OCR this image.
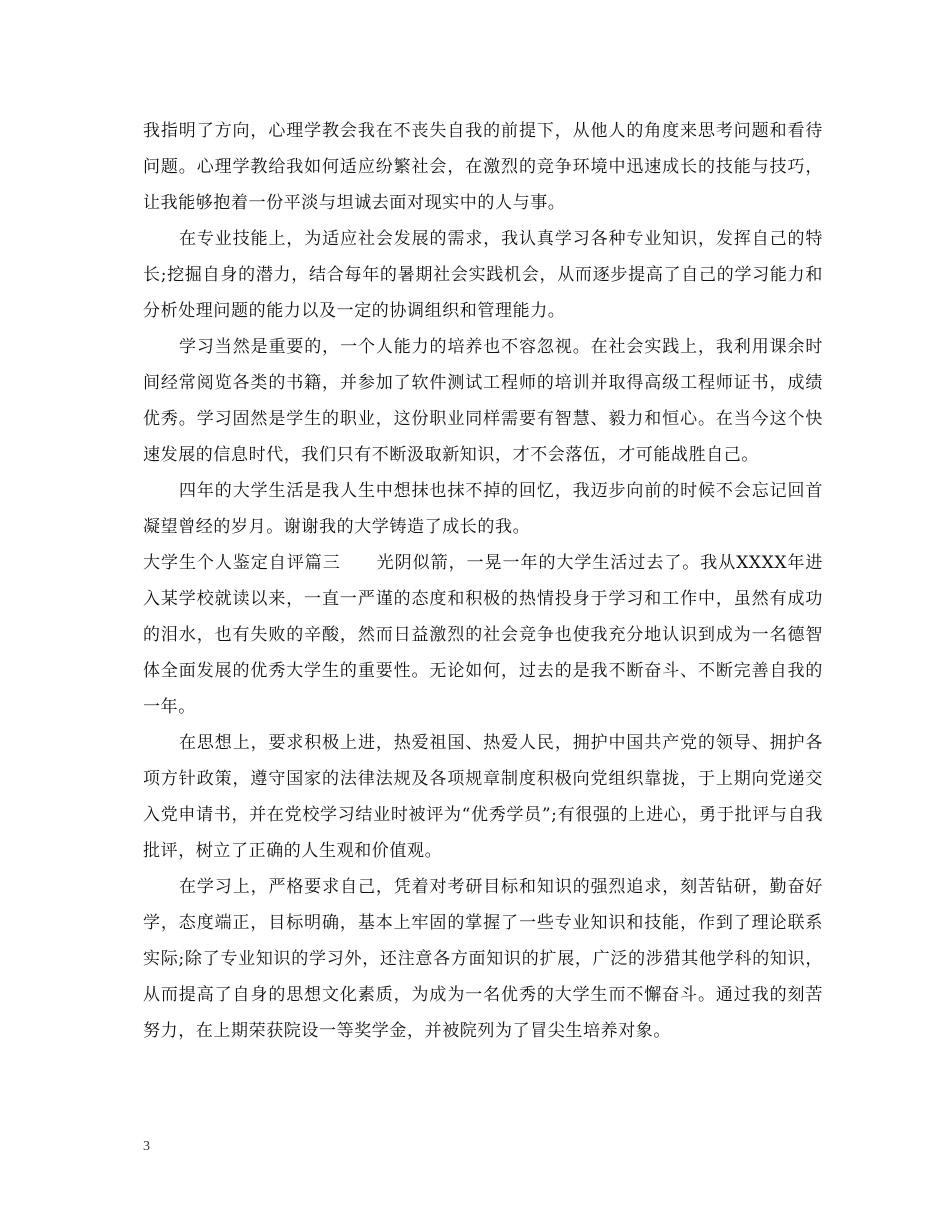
我指明了方向，心理学教会我在不丧失自我的前提下，从他人的角度来思考问题和看待问题。心理学教给我如何适应纷繁社会，在激烈的竞争环境中迅速成长的技能与技巧，让我能够抱着一份平淡与坦诚去面对现实中的人与事。

在专业技能上，为适应社会发展的需求，我认真学习各种专业知识，发挥自己的特长;挖掘自身的潜力，结合每年的暑期社会实践机会，从而逐步提高了自己的学习能力和分析处理问题的能力以及一定的协调组织和管理能力。

学习当然是重要的，一个人能力的培养也不容忽视。在社会实践上，我利用课余时间经常阅览各类的书籍，并参加了软件测试工程师的培训并取得高级工程师证书，成绩优秀。学习固然是学生的职业，这份职业同样需要有智慧、毅力和恒心。在当今这个快速发展的信息时代，我们只有不断汲取新知识，才不会落伍，才可能战胜自己。

四年的大学生活是我人生中想抹也抹不掉的回忆，我迈步向前的时候不会忘记回首凝望曾经的岁月。谢谢我的大学铸造了成长的我。

大学生个人鉴定自评篇三　　光阴似箭，一晃一年的大学生活过去了。我从XXXX年进入某学校就读以来，一直一严谨的态度和积极的热情投身于学习和工作中，虽然有成功的泪水，也有失败的辛酸，然而日益激烈的社会竞争也使我充分地认识到成为一名德智体全面发展的优秀大学生的重要性。无论如何，过去的是我不断奋斗、不断完善自我的一年。

在思想上，要求积极上进，热爱祖国、热爱人民，拥护中国共产党的领导、拥护各项方针政策，遵守国家的法律法规及各项规章制度积极向党组织靠拢，于上期向党递交入党申请书，并在党校学习结业时被评为“优秀学员”;有很强的上进心，勇于批评与自我批评，树立了正确的人生观和价值观。

在学习上，严格要求自己，凭着对考研目标和知识的强烈追求，刻苦钻研，勤奋好学，态度端正，目标明确，基本上牢固的掌握了一些专业知识和技能，作到了理论联系实际;除了专业知识的学习外，还注意各方面知识的扩展，广泛的涉猎其他学科的知识，从而提高了自身的思想文化素质，为成为一名优秀的大学生而不懈奋斗。通过我的刻苦努力，在上期荣获院设一等奖学金，并被院列为了冒尖生培养对象。

3
